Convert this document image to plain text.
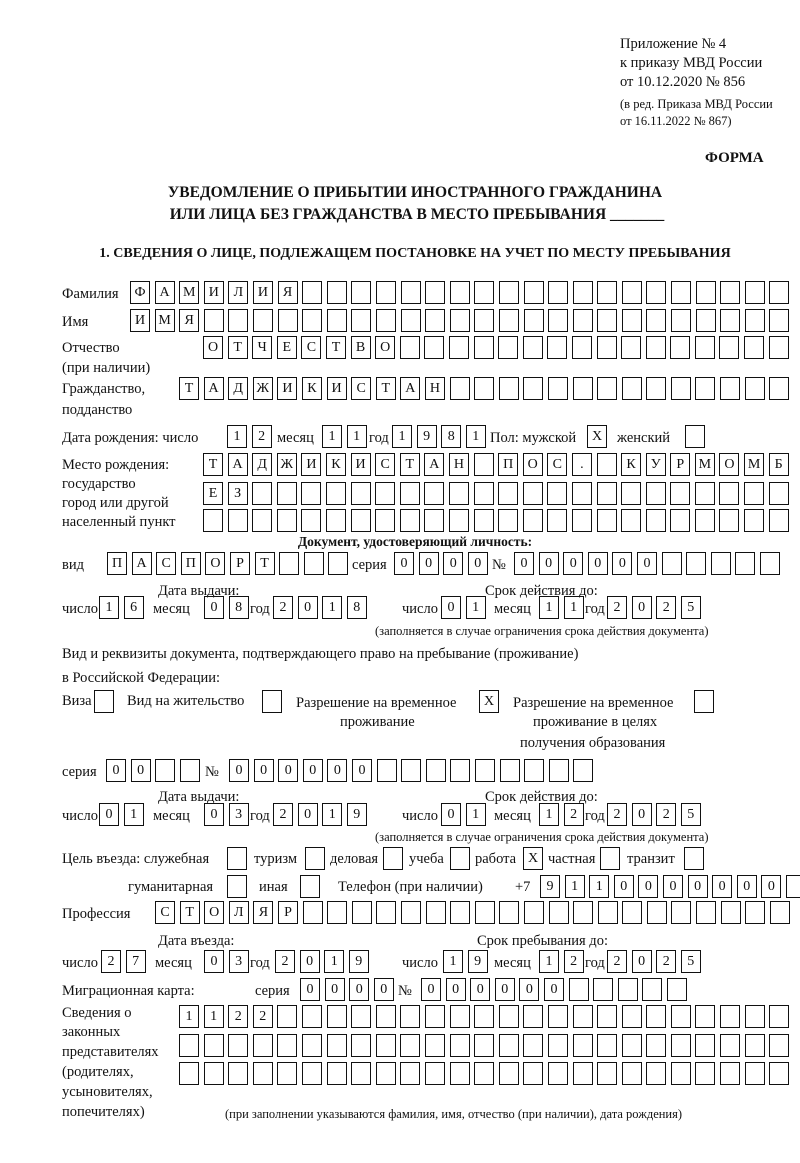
Приложение № 4
к приказу МВД России
от 10.12.2020 № 856
(в ред. Приказа МВД России
от 16.11.2022 № 867)
ФОРМА
УВЕДОМЛЕНИЕ О ПРИБЫТИИ ИНОСТРАННОГО ГРАЖДАНИНА
ИЛИ ЛИЦА БЕЗ ГРАЖДАНСТВА В МЕСТО ПРЕБЫВАНИЯ _______
1. СВЕДЕНИЯ О ЛИЦЕ, ПОДЛЕЖАЩЕМ ПОСТАНОВКЕ НА УЧЕТ ПО МЕСТУ ПРЕБЫВАНИЯ
Фамилия	Ф	А М И	Л	И	Я
Имя	И М Я
Отчество
(при наличии)
О	Т	Ч	Е	С	Т	В	О
Гражданство,
подданство
Т	А	Д Ж И	К	И	С	Т	А	Н
Дата рождения: число	1	2 месяц	1	1 год 1	9	8	1 Пол: мужской	X	женский
Место рождения:
государство
город или другой
населенный пункт
Т	А	Д Ж И	К	И	С	Т	А	Н	П	О	С	.	К	У	Р	М О М	Б
Е	З
Документ, удостоверяющий личность:
вид	П	А	С	П	О	Р	Т	серия 0	0	0	0 №	0	0	0	0	0	0
Дата выдачи:	Срок действия до:
число 1	6	месяц	0	8 год 2	0	1	8	число 0	1	месяц	1	1 год 2	0	2	5
(заполняется в случае ограничения срока действия документа)
Вид и реквизиты документа, подтверждающего право на пребывание (проживание)
в Российской Федерации:
Виза Вид на жительство	Разрешение на временное
проживание
X	Разрешение на временное
проживание в целях
получения образования
серия	0	0	№	0	0	0	0	0	0
Дата выдачи:	Срок действия до:
число 0	1	месяц	0	3 год 2	0	1	9	число 0	1	месяц	1	2 год 2	0	2	5
(заполняется в случае ограничения срока действия документа)
Цель въезда: служебная	туризм деловая учеба работа X частная транзит
гуманитарная	иная	Телефон (при наличии) +7	9	1	1	0	0	0	0	0	0	0
Профессия	С	Т	О	Л	Я	Р
Дата въезда:	Срок пребывания до:
число 2	7	месяц	0	3 год 2	0	1	9	число 1	9 месяц	1	2 год 2	0	2	5
Миграционная карта:	серия	0	0	0	0 №	0	0	0	0	0	0
Сведения о
законных
представителях
(родителях,
усыновителях,
попечителях)
1	1	2	2
(при заполнении указываются фамилия, имя, отчество (при наличии), дата рождения)
